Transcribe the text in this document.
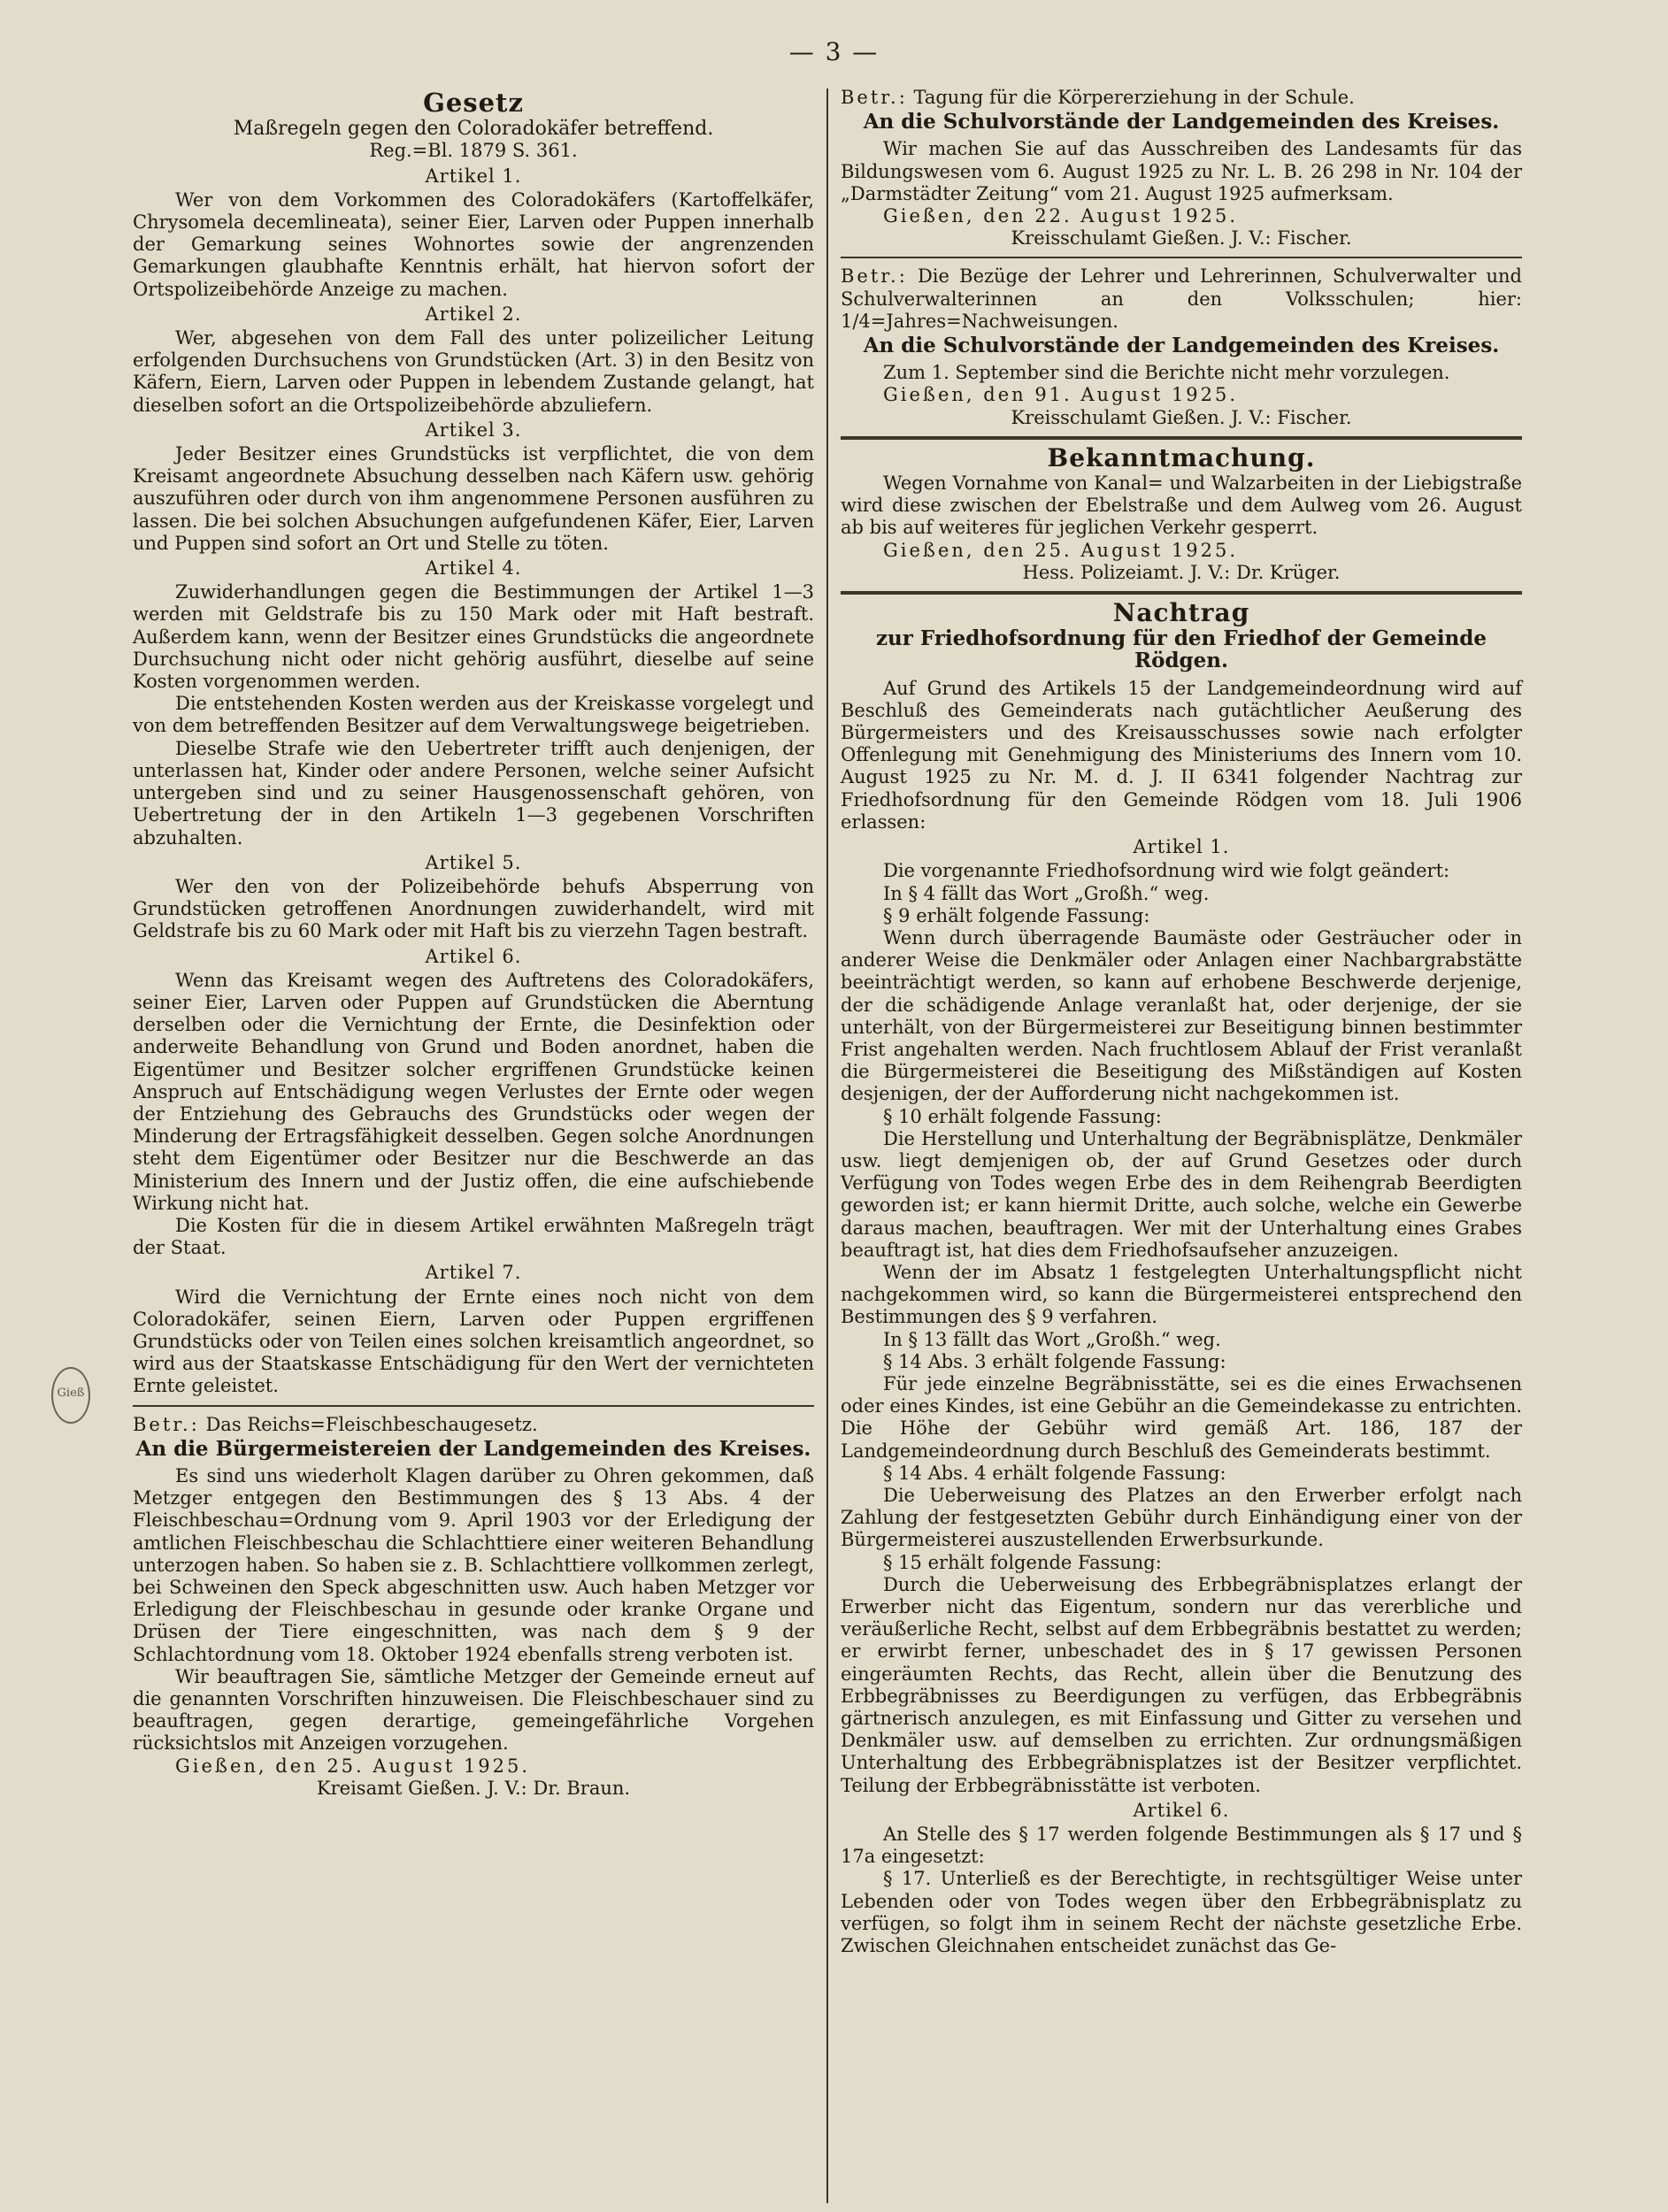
— 3 —
Gieß
Gesetz

Maßregeln gegen den Coloradokäfer betreffend.

Reg.=Bl. 1879 S. 361.

Artikel 1.

Wer von dem Vorkommen des Coloradokäfers (Kartoffelkäfer, Chrysomela decemlineata), seiner Eier, Larven oder Puppen innerhalb der Gemarkung seines Wohnortes sowie der angrenzenden Gemarkungen glaubhafte Kenntnis erhält, hat hiervon sofort der Ortspolizeibehörde Anzeige zu machen.

Artikel 2.

Wer, abgesehen von dem Fall des unter polizeilicher Leitung erfolgenden Durchsuchens von Grundstücken (Art. 3) in den Besitz von Käfern, Eiern, Larven oder Puppen in lebendem Zustande gelangt, hat dieselben sofort an die Ortspolizeibehörde abzuliefern.

Artikel 3.

Jeder Besitzer eines Grundstücks ist verpflichtet, die von dem Kreisamt angeordnete Absuchung desselben nach Käfern usw. gehörig auszuführen oder durch von ihm angenommene Personen ausführen zu lassen. Die bei solchen Absuchungen aufgefundenen Käfer, Eier, Larven und Puppen sind sofort an Ort und Stelle zu töten.

Artikel 4.

Zuwiderhandlungen gegen die Bestimmungen der Artikel 1—3 werden mit Geldstrafe bis zu 150 Mark oder mit Haft bestraft. Außerdem kann, wenn der Besitzer eines Grundstücks die angeordnete Durchsuchung nicht oder nicht gehörig ausführt, dieselbe auf seine Kosten vorgenommen werden.

Die entstehenden Kosten werden aus der Kreiskasse vorgelegt und von dem betreffenden Besitzer auf dem Verwaltungswege beigetrieben.

Dieselbe Strafe wie den Uebertreter trifft auch denjenigen, der unterlassen hat, Kinder oder andere Personen, welche seiner Aufsicht untergeben sind und zu seiner Hausgenossenschaft gehören, von Uebertretung der in den Artikeln 1—3 gegebenen Vorschriften abzuhalten.

Artikel 5.

Wer den von der Polizeibehörde behufs Absperrung von Grundstücken getroffenen Anordnungen zuwiderhandelt, wird mit Geldstrafe bis zu 60 Mark oder mit Haft bis zu vierzehn Tagen bestraft.

Artikel 6.

Wenn das Kreisamt wegen des Auftretens des Coloradokäfers, seiner Eier, Larven oder Puppen auf Grundstücken die Aberntung derselben oder die Vernichtung der Ernte, die Desinfektion oder anderweite Behandlung von Grund und Boden anordnet, haben die Eigentümer und Besitzer solcher ergriffenen Grundstücke keinen Anspruch auf Entschädigung wegen Verlustes der Ernte oder wegen der Entziehung des Gebrauchs des Grundstücks oder wegen der Minderung der Ertragsfähigkeit desselben. Gegen solche Anordnungen steht dem Eigentümer oder Besitzer nur die Beschwerde an das Ministerium des Innern und der Justiz offen, die eine aufschiebende Wirkung nicht hat.

Die Kosten für die in diesem Artikel erwähnten Maßregeln trägt der Staat.

Artikel 7.

Wird die Vernichtung der Ernte eines noch nicht von dem Coloradokäfer, seinen Eiern, Larven oder Puppen ergriffenen Grundstücks oder von Teilen eines solchen kreisamtlich angeordnet, so wird aus der Staatskasse Entschädigung für den Wert der vernichteten Ernte geleistet.

Betr.: Das Reichs=Fleischbeschaugesetz.

An die Bürgermeistereien der Landgemeinden des Kreises.

Es sind uns wiederholt Klagen darüber zu Ohren gekommen, daß Metzger entgegen den Bestimmungen des § 13 Abs. 4 der Fleischbeschau=Ordnung vom 9. April 1903 vor der Erledigung der amtlichen Fleischbeschau die Schlachttiere einer weiteren Behandlung unterzogen haben. So haben sie z. B. Schlachttiere vollkommen zerlegt, bei Schweinen den Speck abgeschnitten usw. Auch haben Metzger vor Erledigung der Fleischbeschau in gesunde oder kranke Organe und Drüsen der Tiere eingeschnitten, was nach dem § 9 der Schlachtordnung vom 18. Oktober 1924 ebenfalls streng verboten ist.

Wir beauftragen Sie, sämtliche Metzger der Gemeinde erneut auf die genannten Vorschriften hinzuweisen. Die Fleischbeschauer sind zu beauftragen, gegen derartige, gemeingefährliche Vorgehen rücksichtslos mit Anzeigen vorzugehen.

Gießen, den 25. August 1925.

Kreisamt Gießen. J. V.: Dr. Braun.

Betr.: Tagung für die Körpererziehung in der Schule.

An die Schulvorstände der Landgemeinden des Kreises.

Wir machen Sie auf das Ausschreiben des Landesamts für das Bildungswesen vom 6. August 1925 zu Nr. L. B. 26 298 in Nr. 104 der „Darmstädter Zeitung“ vom 21. August 1925 aufmerksam.

Gießen, den 22. August 1925.

Kreisschulamt Gießen. J. V.: Fischer.

Betr.: Die Bezüge der Lehrer und Lehrerinnen, Schulverwalter und Schulverwalterinnen an den Volksschulen; hier: 1/4=Jahres=Nachweisungen.

An die Schulvorstände der Landgemeinden des Kreises.

Zum 1. September sind die Berichte nicht mehr vorzulegen.

Gießen, den 91. August 1925.

Kreisschulamt Gießen. J. V.: Fischer.

Bekanntmachung.

Wegen Vornahme von Kanal= und Walzarbeiten in der Liebigstraße wird diese zwischen der Ebelstraße und dem Aulweg vom 26. August ab bis auf weiteres für jeglichen Verkehr gesperrt.

Gießen, den 25. August 1925.

Hess. Polizeiamt. J. V.: Dr. Krüger.

Nachtrag

zur Friedhofsordnung für den Friedhof der Gemeinde Rödgen.

Auf Grund des Artikels 15 der Landgemeindeordnung wird auf Beschluß des Gemeinderats nach gutächtlicher Aeußerung des Bürgermeisters und des Kreisausschusses sowie nach erfolgter Offenlegung mit Genehmigung des Ministeriums des Innern vom 10. August 1925 zu Nr. M. d. J. II 6341 folgender Nachtrag zur Friedhofsordnung für den Gemeinde Rödgen vom 18. Juli 1906 erlassen:

Artikel 1.

Die vorgenannte Friedhofsordnung wird wie folgt geändert:

In § 4 fällt das Wort „Großh.“ weg.

§ 9 erhält folgende Fassung:

Wenn durch überragende Baumäste oder Gesträucher oder in anderer Weise die Denkmäler oder Anlagen einer Nachbargrabstätte beeinträchtigt werden, so kann auf erhobene Beschwerde derjenige, der die schädigende Anlage veranlaßt hat, oder derjenige, der sie unterhält, von der Bürgermeisterei zur Beseitigung binnen bestimmter Frist angehalten werden. Nach fruchtlosem Ablauf der Frist veranlaßt die Bürgermeisterei die Beseitigung des Mißständigen auf Kosten desjenigen, der der Aufforderung nicht nachgekommen ist.

§ 10 erhält folgende Fassung:

Die Herstellung und Unterhaltung der Begräbnisplätze, Denkmäler usw. liegt demjenigen ob, der auf Grund Gesetzes oder durch Verfügung von Todes wegen Erbe des in dem Reihengrab Beerdigten geworden ist; er kann hiermit Dritte, auch solche, welche ein Gewerbe daraus machen, beauftragen. Wer mit der Unterhaltung eines Grabes beauftragt ist, hat dies dem Friedhofsaufseher anzuzeigen.

Wenn der im Absatz 1 festgelegten Unterhaltungspflicht nicht nachgekommen wird, so kann die Bürgermeisterei entsprechend den Bestimmungen des § 9 verfahren.

In § 13 fällt das Wort „Großh.“ weg.

§ 14 Abs. 3 erhält folgende Fassung:

Für jede einzelne Begräbnisstätte, sei es die eines Erwachsenen oder eines Kindes, ist eine Gebühr an die Gemeindekasse zu entrichten. Die Höhe der Gebühr wird gemäß Art. 186, 187 der Landgemeindeordnung durch Beschluß des Gemeinderats bestimmt.

§ 14 Abs. 4 erhält folgende Fassung:

Die Ueberweisung des Platzes an den Erwerber erfolgt nach Zahlung der festgesetzten Gebühr durch Einhändigung einer von der Bürgermeisterei auszustellenden Erwerbsurkunde.

§ 15 erhält folgende Fassung:

Durch die Ueberweisung des Erbbegräbnisplatzes erlangt der Erwerber nicht das Eigentum, sondern nur das vererbliche und veräußerliche Recht, selbst auf dem Erbbegräbnis bestattet zu werden; er erwirbt ferner, unbeschadet des in § 17 gewissen Personen eingeräumten Rechts, das Recht, allein über die Benutzung des Erbbegräbnisses zu Beerdigungen zu verfügen, das Erbbegräbnis gärtnerisch anzulegen, es mit Einfassung und Gitter zu versehen und Denkmäler usw. auf demselben zu errichten. Zur ordnungsmäßigen Unterhaltung des Erbbegräbnisplatzes ist der Besitzer verpflichtet. Teilung der Erbbegräbnisstätte ist verboten.

Artikel 6.

An Stelle des § 17 werden folgende Bestimmungen als § 17 und § 17a eingesetzt:

§ 17. Unterließ es der Berechtigte, in rechtsgültiger Weise unter Lebenden oder von Todes wegen über den Erbbegräbnisplatz zu verfügen, so folgt ihm in seinem Recht der nächste gesetzliche Erbe. Zwischen Gleichnahen entscheidet zunächst das Ge-
